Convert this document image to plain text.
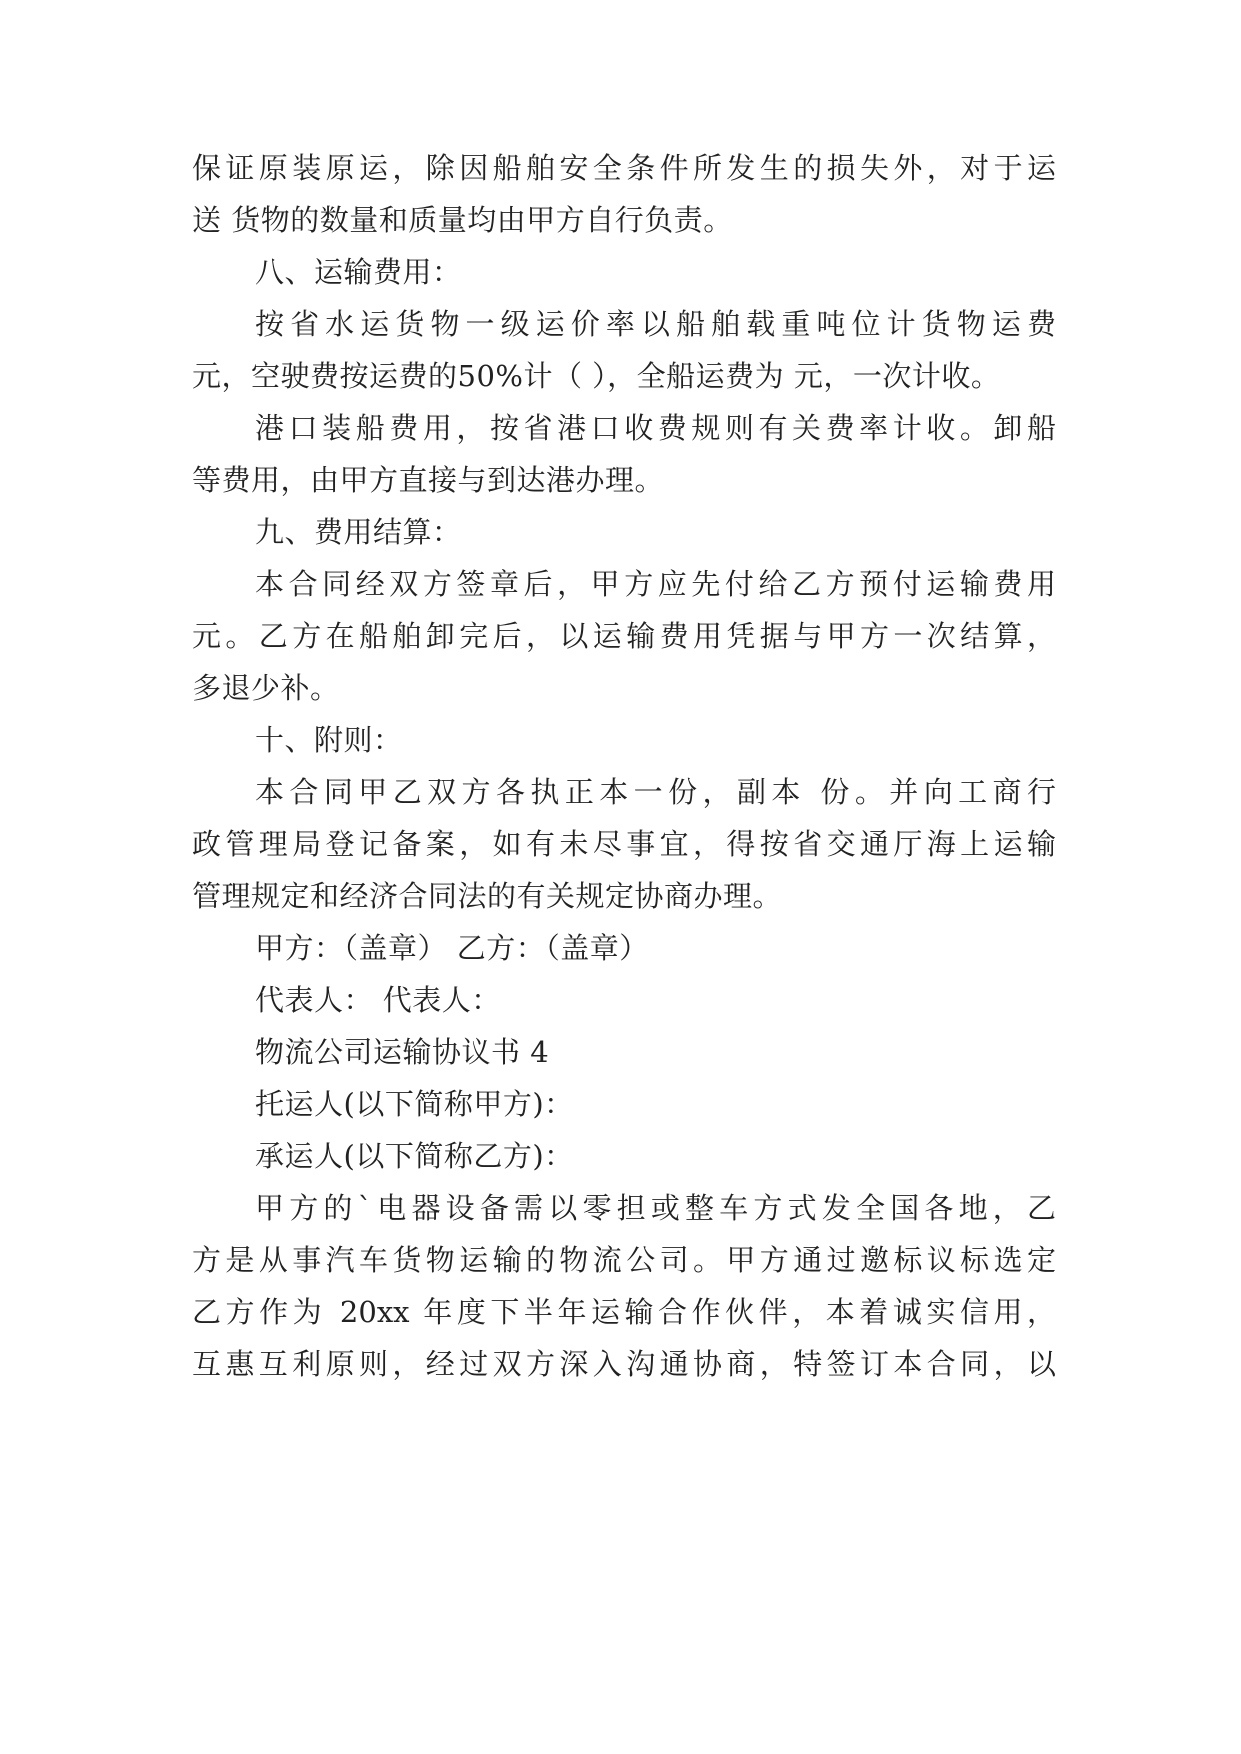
保证原装原运，除因船舶安全条件所发生的损失外，对于运
送 货物的数量和质量均由甲方自行负责。
八、运输费用：
按省水运货物一级运价率以船舶载重吨位计货物运费
元，空驶费按运费的50%计（ ），全船运费为 元，一次计收。
港口装船费用，按省港口收费规则有关费率计收。卸船
等费用，由甲方直接与到达港办理。
九、费用结算：
本合同经双方签章后，甲方应先付给乙方预付运输费用
元。乙方在船舶卸完后，以运输费用凭据与甲方一次结算，
多退少补。
十、附则：
本合同甲乙双方各执正本一份，副本 份。并向工商行
政管理局登记备案，如有未尽事宜，得按省交通厅海上运输
管理规定和经济合同法的有关规定协商办理。
甲方：（盖章） 乙方：（盖章）
代表人： 代表人：
物流公司运输协议书 4
托运人(以下简称甲方)：
承运人(以下简称乙方)：
甲方的`电器设备需以零担或整车方式发全国各地，乙
方是从事汽车货物运输的物流公司。甲方通过邀标议标选定
乙方作为 20xx 年度下半年运输合作伙伴，本着诚实信用，
互惠互利原则，经过双方深入沟通协商，特签订本合同，以
